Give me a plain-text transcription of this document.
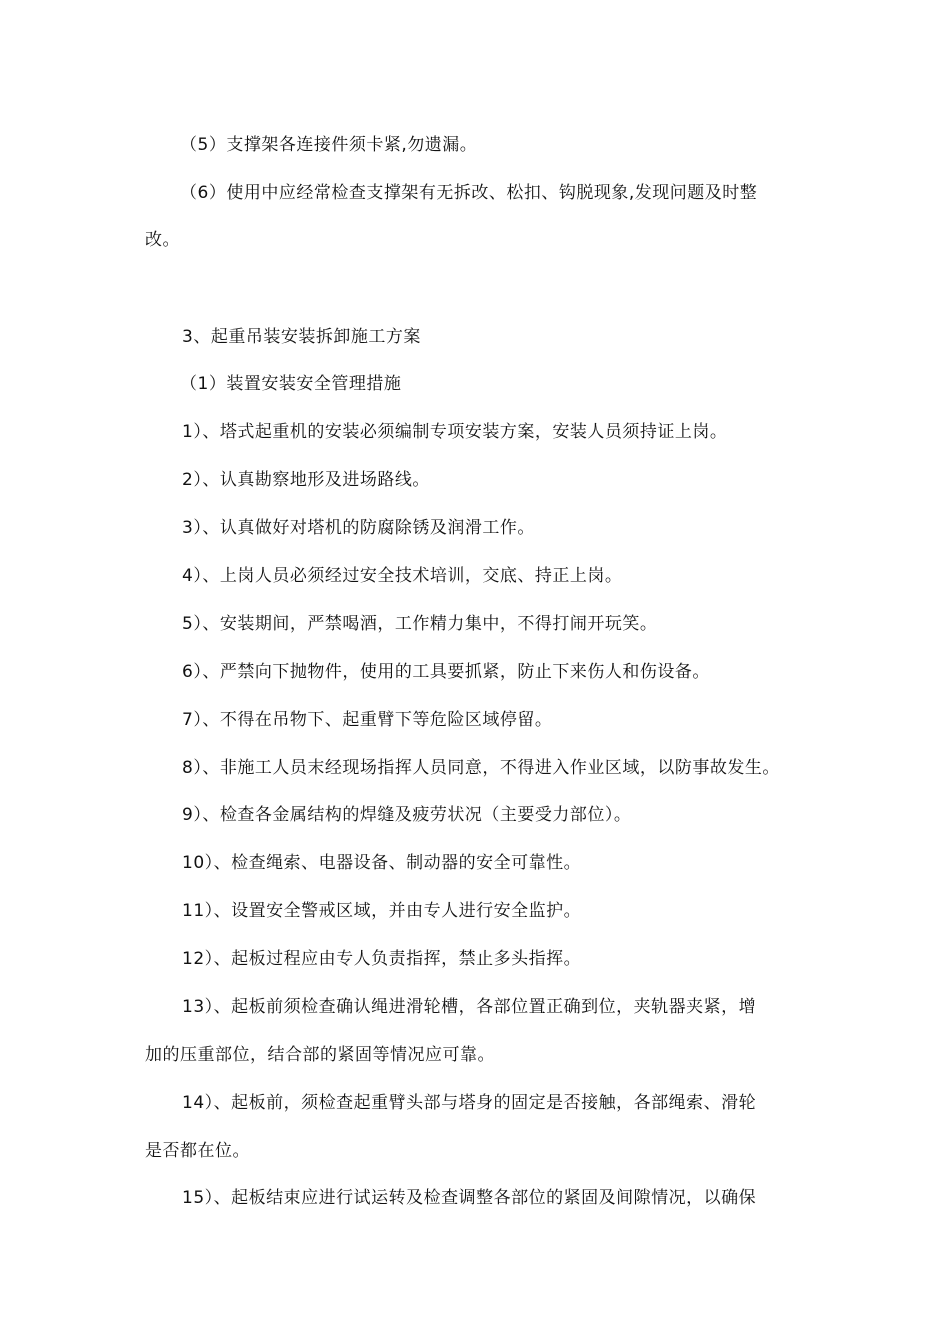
（5）支撑架各连接件须卡紧,勿遗漏。
（6）使用中应经常检查支撑架有无拆改、松扣、钩脱现象,发现问题及时整
改。
3、起重吊装安装拆卸施工方案
（1）装置安装安全管理措施
1）、塔式起重机的安装必须编制专项安装方案，安装人员须持证上岗。
2）、认真勘察地形及进场路线。
3）、认真做好对塔机的防腐除锈及润滑工作。
4）、上岗人员必须经过安全技术培训，交底、持正上岗。
5）、安装期间，严禁喝酒，工作精力集中，不得打闹开玩笑。
6）、严禁向下抛物件，使用的工具要抓紧，防止下来伤人和伤设备。
7）、不得在吊物下、起重臂下等危险区域停留。
8）、非施工人员末经现场指挥人员同意，不得进入作业区域，以防事故发生。
9）、检查各金属结构的焊缝及疲劳状况（主要受力部位）。
10）、检查绳索、电器设备、制动器的安全可靠性。
11）、设置安全警戒区域，并由专人进行安全监护。
12）、起板过程应由专人负责指挥，禁止多头指挥。
13）、起板前须检查确认绳进滑轮槽，各部位置正确到位，夹轨器夹紧，增
加的压重部位，结合部的紧固等情况应可靠。
14）、起板前，须检查起重臂头部与塔身的固定是否接触，各部绳索、滑轮
是否都在位。
15）、起板结束应进行试运转及检查调整各部位的紧固及间隙情况，以确保
